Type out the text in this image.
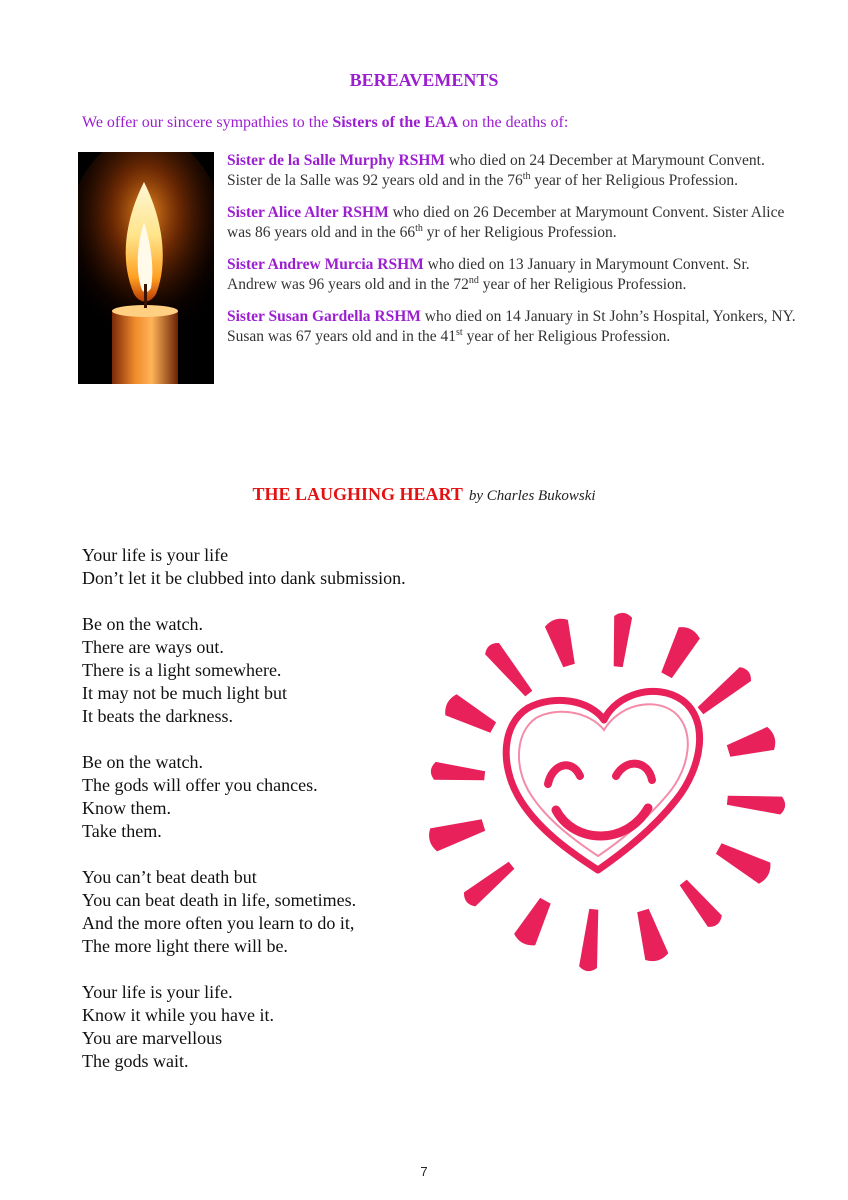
BEREAVEMENTS
We offer our sincere sympathies to the Sisters of the EAA on the deaths of:

Sister de la Salle Murphy RSHM who died on 24 December at Marymount Convent. Sister de la Salle was 92 years old and in the 76th year of her Religious Profession.

Sister Alice Alter RSHM who died on 26 December at Marymount Convent. Sister Alice was 86 years old and in the 66th yr of her Religious Profession.

Sister Andrew Murcia RSHM who died on 13 January in Marymount Convent. Sr. Andrew was 96 years old and in the 72nd year of her Religious Profession.

Sister Susan Gardella RSHM who died on 14 January in St John’s Hospital, Yonkers, NY. Susan was 67 years old and in the 41st year of her Religious Profession.

THE LAUGHING HEART by Charles Bukowski
Your life is your life
Don’t let it be clubbed into dank submission.
Be on the watch.
There are ways out.
There is a light somewhere.
It may not be much light but
It beats the darkness.
Be on the watch.
The gods will offer you chances.
Know them.
Take them.
You can’t beat death but
You can beat death in life, sometimes.
And the more often you learn to do it,
The more light there will be.
Your life is your life.
Know it while you have it.
You are marvellous
The gods wait.
7
